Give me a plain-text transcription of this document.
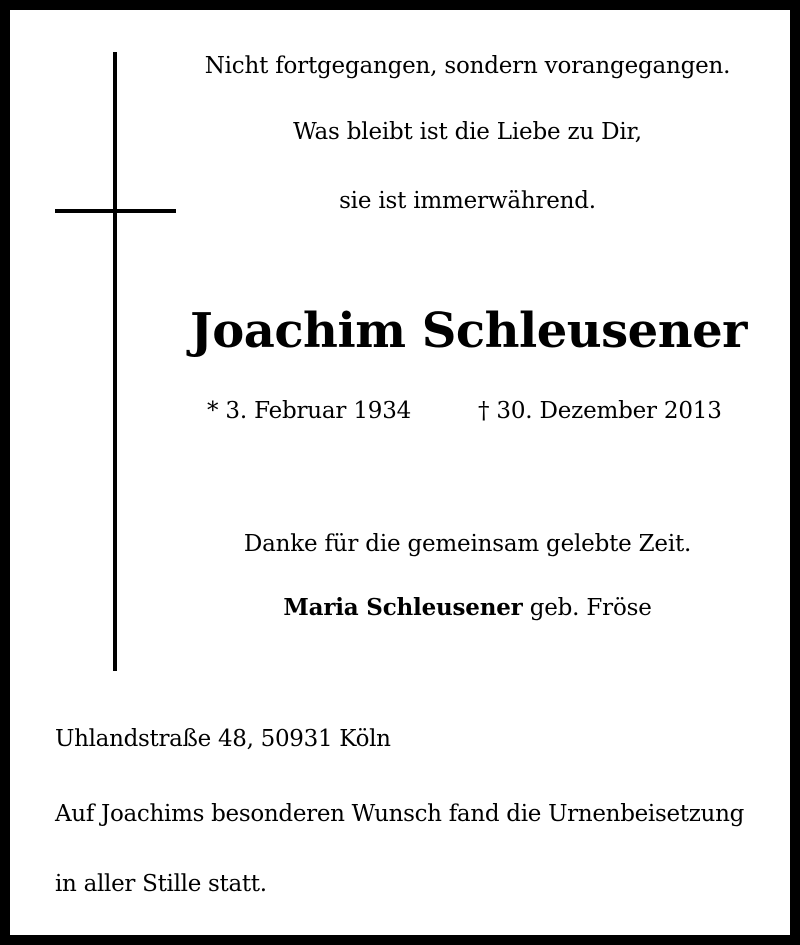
Nicht fortgegangen, sondern vorangegangen.
Was bleibt ist die Liebe zu Dir,
sie ist immerwährend.
Joachim Schleusener
* 3. Februar 1934	† 30. Dezember 2013
Danke für die gemeinsam gelebte Zeit.
Maria Schleusener geb. Fröse
Uhlandstraße 48, 50931 Köln
Auf Joachims besonderen Wunsch fand die Urnenbeisetzung
in aller Stille statt.
